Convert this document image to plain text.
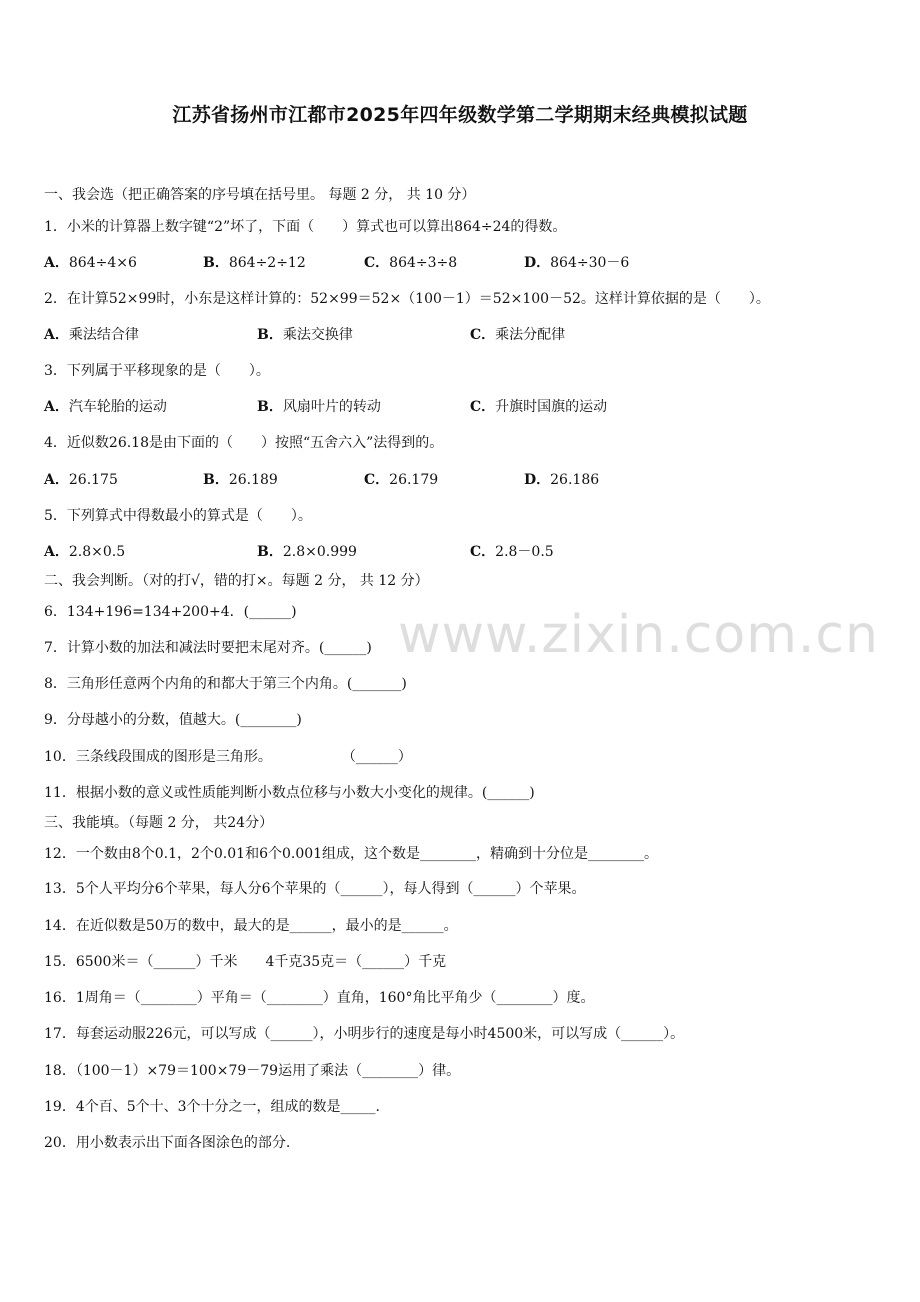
江苏省扬州市江都市2025年四年级数学第二学期期末经典模拟试题
www.zixin.com.cn
一、我会选（把正确答案的序号填在括号里。 每题 2 分， 共 10 分）
1．小米的计算器上数字键“2”坏了，下面（　　）算式也可以算出864÷24的得数。
A．864÷4×6	B．864÷2÷12	C．864÷3÷8	D．864÷30－6
2．在计算52×99时，小东是这样计算的：52×99＝52×（100－1）＝52×100－52。这样计算依据的是（　　）。
A．乘法结合律	B．乘法交换律	C．乘法分配律
3．下列属于平移现象的是（　　）。
A．汽车轮胎的运动	B．风扇叶片的转动	C．升旗时国旗的运动
4．近似数26.18是由下面的（　　）按照“五舍六入”法得到的。
A．26.175	B．26.189	C．26.179	D．26.186
5．下列算式中得数最小的算式是（　　）。
A．2.8×0.5	B．2.8×0.999	C．2.8－0.5
二、我会判断。（对的打√，错的打×。每题 2 分， 共 12 分）
6．134+196=134+200+4．(______)
7．计算小数的加法和减法时要把末尾对齐。(______)
8．三角形任意两个内角的和都大于第三个内角。(_______)
9．分母越小的分数，值越大。(________)
10．三条线段围成的图形是三角形。　　　　　　（______）
11．根据小数的意义或性质能判断小数点位移与小数大小变化的规律。(______)
三、我能填。（每题 2 分， 共24分）
12．一个数由8个0.1，2个0.01和6个0.001组成，这个数是________，精确到十分位是________。
13．5个人平均分6个苹果，每人分6个苹果的（______），每人得到（______）个苹果。
14．在近似数是50万的数中，最大的是______，最小的是______。
15．6500米＝（______）千米　　4千克35克＝（______）千克
16．1周角＝（________）平角＝（________）直角，160°角比平角少（________）度。
17．每套运动服226元，可以写成（______），小明步行的速度是每小时4500米，可以写成（______）。
18．（100－1）×79＝100×79－79运用了乘法（________）律。
19．4个百、5个十、3个十分之一，组成的数是_____.
20．用小数表示出下面各图涂色的部分.
